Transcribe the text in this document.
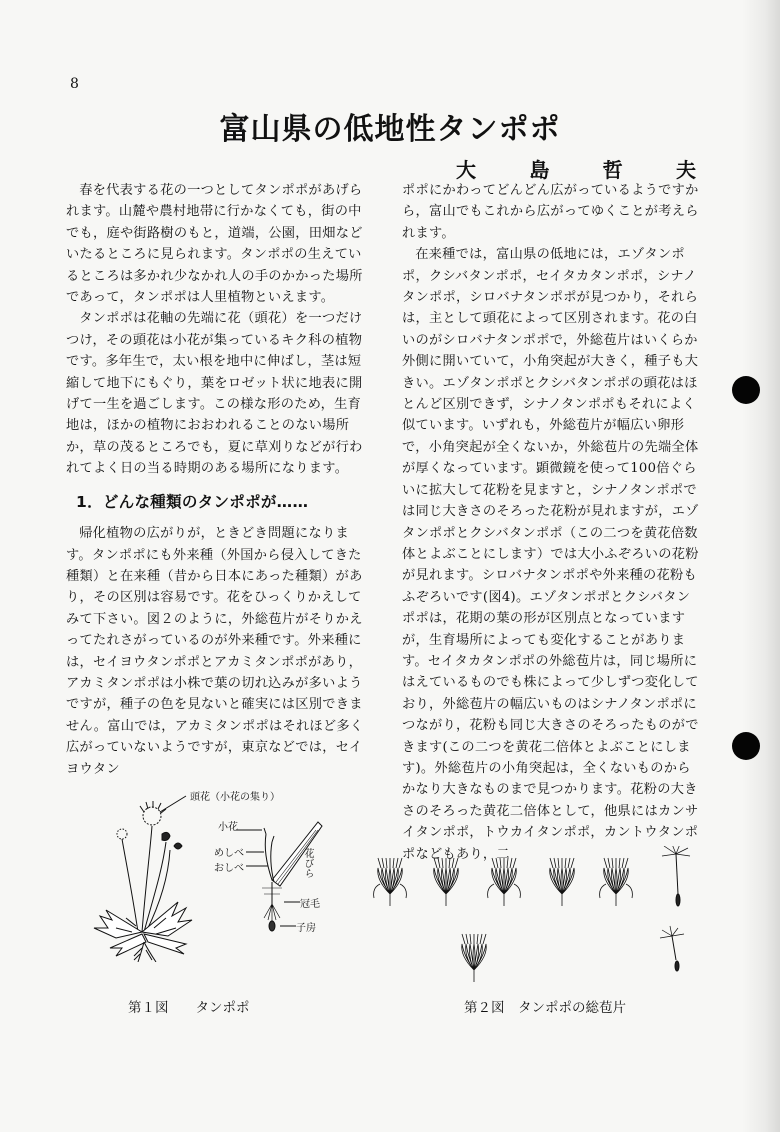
8
富山県の低地性タンポポ
大	島	哲	夫

春を代表する花の一つとしてタンポポがあげられます。山麓や農村地帯に行かなくても，街の中でも，庭や街路樹のもと，道端，公園，田畑などいたるところに見られます。タンポポの生えているところは多かれ少なかれ人の手のかかった場所であって，タンポポは人里植物といえます。

タンポポは花軸の先端に花（頭花）を一つだけつけ，その頭花は小花が集っているキク科の植物です。多年生で，太い根を地中に伸ばし，茎は短縮して地下にもぐり，葉をロゼット状に地表に開げて一生を過ごします。この様な形のため，生育地は，ほかの植物におおわれることのない場所か，草の茂るところでも，夏に草刈りなどが行われてよく日の当る時期のある場所になります。

1．どんな種類のタンポポが……

帰化植物の広がりが，ときどき問題になります。タンポポにも外来種（外国から侵入してきた種類）と在来種（昔から日本にあった種類）があり，その区別は容易です。花をひっくりかえしてみて下さい。図２のように，外総苞片がそりかえってたれさがっているのが外来種です。外来種には，セイヨウタンポポとアカミタンポポがあり，アカミタンポポは小株で葉の切れ込みが多いようですが，種子の色を見ないと確実には区別できません。富山では，アカミタンポポはそれほど多く広がっていないようですが，東京などでは，セイヨウタン

ポポにかわってどんどん広がっているようですから，富山でもこれから広がってゆくことが考えられます。

在来種では，富山県の低地には，エゾタンポポ，クシバタンポポ，セイタカタンポポ，シナノタンポポ，シロバナタンポポが見つかり，それらは，主として頭花によって区別されます。花の白いのがシロバナタンポポで，外総苞片はいくらか外側に開いていて，小角突起が大きく，種子も大きい。エゾタンポポとクシバタンポポの頭花はほとんど区別できず，シナノタンポポもそれによく似ています。いずれも，外総苞片が幅広い卵形で，小角突起が全くないか，外総苞片の先端全体が厚くなっています。顕微鏡を使って100倍ぐらいに拡大して花粉を見ますと，シナノタンポポでは同じ大きさのそろった花粉が見れますが，エゾタンポポとクシバタンポポ（この二つを黄花倍数体とよぶことにします）では大小ふぞろいの花粉が見れます。シロバナタンポポや外来種の花粉もふぞろいです(図4)。エゾタンポポとクシバタンポポは，花期の葉の形が区別点となっていますが，生育場所によっても変化することがあります。セイタカタンポポの外総苞片は，同じ場所にはえているものでも株によって少しずつ変化しており，外総苞片の幅広いものはシナノタンポポにつながり，花粉も同じ大きさのそろったものができます(この二つを黄花二倍体とよぶことにします)。外総苞片の小角突起は，全くないものからかなり大きなものまで見つかります。花粉の大きさのそろった黄花二倍体として，他県にはカンサイタンポポ，トウカイタンポポ，カントウタンポポなどもあり，二

頭花（小花の集り）
小花
めしべ
おしべ	花びら
冠毛
子房
第１図　　タンポポ	第２図　タンポポの総苞片
